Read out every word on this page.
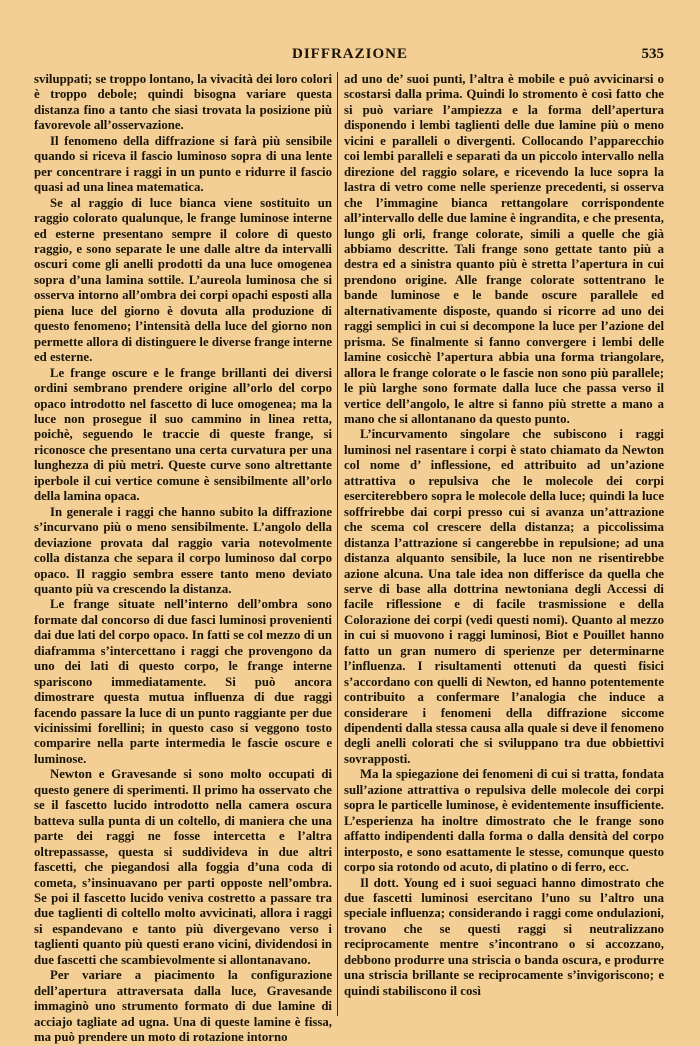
DIFFRAZIONE	535

sviluppati; se troppo lontano, la vivacità dei loro colori è troppo debole; quindi bisogna variare questa distanza fino a tanto che siasi trovata la posizione più favorevole all’osservazione.

Il fenomeno della diffrazione si farà più sensibile quando si riceva il fascio luminoso sopra di una lente per concentrare i raggi in un punto e ridurre il fascio quasi ad una linea matematica.

Se al raggio di luce bianca viene sostituito un raggio colorato qualunque, le frange luminose interne ed esterne presentano sempre il colore di questo raggio, e sono separate le une dalle altre da intervalli oscuri come gli anelli prodotti da una luce omogenea sopra d’una lamina sottile. L’aureola luminosa che si osserva intorno all’ombra dei corpi opachi esposti alla piena luce del giorno è dovuta alla produzione di questo fenomeno; l’intensità della luce del giorno non permette allora di distinguere le diverse frange interne ed esterne.

Le frange oscure e le frange brillanti dei diversi ordini sembrano prendere origine all’orlo del corpo opaco introdotto nel fascetto di luce omogenea; ma la luce non prosegue il suo cammino in linea retta, poichè, seguendo le traccie di queste frange, si riconosce che presentano una certa curvatura per una lunghezza di più metri. Queste curve sono altrettante iperbole il cui vertice comune è sensibilmente all’orlo della lamina opaca.

In generale i raggi che hanno subito la diffrazione s’incurvano più o meno sensibilmente. L’angolo della deviazione provata dal raggio varia notevolmente colla distanza che separa il corpo luminoso dal corpo opaco. Il raggio sembra essere tanto meno deviato quanto più va crescendo la distanza.

Le frange situate nell’interno dell’ombra sono formate dal concorso di due fasci luminosi provenienti dai due lati del corpo opaco. In fatti se col mezzo di un diaframma s’intercettano i raggi che provengono da uno dei lati di questo corpo, le frange interne spariscono immediatamente. Si può ancora dimostrare questa mutua influenza di due raggi facendo passare la luce di un punto raggiante per due vicinissimi forellini; in questo caso si veggono tosto comparire nella parte intermedia le fascie oscure e luminose.

Newton e Gravesande si sono molto occupati di questo genere di sperimenti. Il primo ha osservato che se il fascetto lucido introdotto nella camera oscura batteva sulla punta di un coltello, di maniera che una parte dei raggi ne fosse intercetta e l’altra oltrepassasse, questa si suddivideva in due altri fascetti, che piegandosi alla foggia d’una coda di cometa, s’insinuavano per parti opposte nell’ombra. Se poi il fascetto lucido veniva costretto a passare tra due taglienti di coltello molto avvicinati, allora i raggi si espandevano e tanto più divergevano verso i taglienti quanto più questi erano vicini, dividendosi in due fascetti che scambievolmente si allontanavano.

Per variare a piacimento la configurazione dell’apertura attraversata dalla luce, Gravesande immaginò uno strumento formato di due lamine di acciajo tagliate ad ugna. Una di queste lamine è fissa, ma può prendere un moto di rotazione intorno

ad uno de’ suoi punti, l’altra è mobile e può avvicinarsi o scostarsi dalla prima. Quindi lo stromento è così fatto che si può variare l’ampiezza e la forma dell’apertura disponendo i lembi taglienti delle due lamine più o meno vicini e paralleli o divergenti. Collocando l’apparecchio coi lembi paralleli e separati da un piccolo intervallo nella direzione del raggio solare, e ricevendo la luce sopra la lastra di vetro come nelle sperienze precedenti, si osserva che l’immagine bianca rettangolare corrispondente all’intervallo delle due lamine è ingrandita, e che presenta, lungo gli orli, frange colorate, simili a quelle che già abbiamo descritte. Tali frange sono gettate tanto più a destra ed a sinistra quanto più è stretta l’apertura in cui prendono origine. Alle frange colorate sottentrano le bande luminose e le bande oscure parallele ed alternativamente disposte, quando si ricorre ad uno dei raggi semplici in cui si decompone la luce per l’azione del prisma. Se finalmente si fanno convergere i lembi delle lamine cosicchè l’apertura abbia una forma triangolare, allora le frange colorate o le fascie non sono più parallele; le più larghe sono formate dalla luce che passa verso il vertice dell’angolo, le altre si fanno più strette a mano a mano che si allontanano da questo punto.

L’incurvamento singolare che subiscono i raggi luminosi nel rasentare i corpi è stato chiamato da Newton col nome d’ inflessione, ed attribuito ad un’azione attrattiva o repulsiva che le molecole dei corpi eserciterebbero sopra le molecole della luce; quindi la luce soffrirebbe dai corpi presso cui si avanza un’attrazione che scema col crescere della distanza; a piccolissima distanza l’attrazione si cangerebbe in repulsione; ad una distanza alquanto sensibile, la luce non ne risentirebbe azione alcuna. Una tale idea non differisce da quella che serve di base alla dottrina newtoniana degli Accessi di facile riflessione e di facile trasmissione e della Colorazione dei corpi (vedi questi nomi). Quanto al mezzo in cui si muovono i raggi luminosi, Biot e Pouillet hanno fatto un gran numero di sperienze per determinarne l’influenza. I risultamenti ottenuti da questi fisici s’accordano con quelli di Newton, ed hanno potentemente contribuito a confermare l’analogia che induce a considerare i fenomeni della diffrazione siccome dipendenti dalla stessa causa alla quale si deve il fenomeno degli anelli colorati che si sviluppano tra due obbiettivi sovrapposti.

Ma la spiegazione dei fenomeni di cui si tratta, fondata sull’azione attrattiva o repulsiva delle molecole dei corpi sopra le particelle luminose, è evidentemente insufficiente. L’esperienza ha inoltre dimostrato che le frange sono affatto indipendenti dalla forma o dalla densità del corpo interposto, e sono esattamente le stesse, comunque questo corpo sia rotondo od acuto, di platino o di ferro, ecc.

Il dott. Young ed i suoi seguaci hanno dimostrato che due fascetti luminosi esercitano l’uno su l’altro una speciale influenza; considerando i raggi come ondulazioni, trovano che se questi raggi si neutralizzano reciprocamente mentre s’incontrano o si accozzano, debbono produrre una striscia o banda oscura, e produrre una striscia brillante se reciprocamente s’invigoriscono; e quindi stabiliscono il così
